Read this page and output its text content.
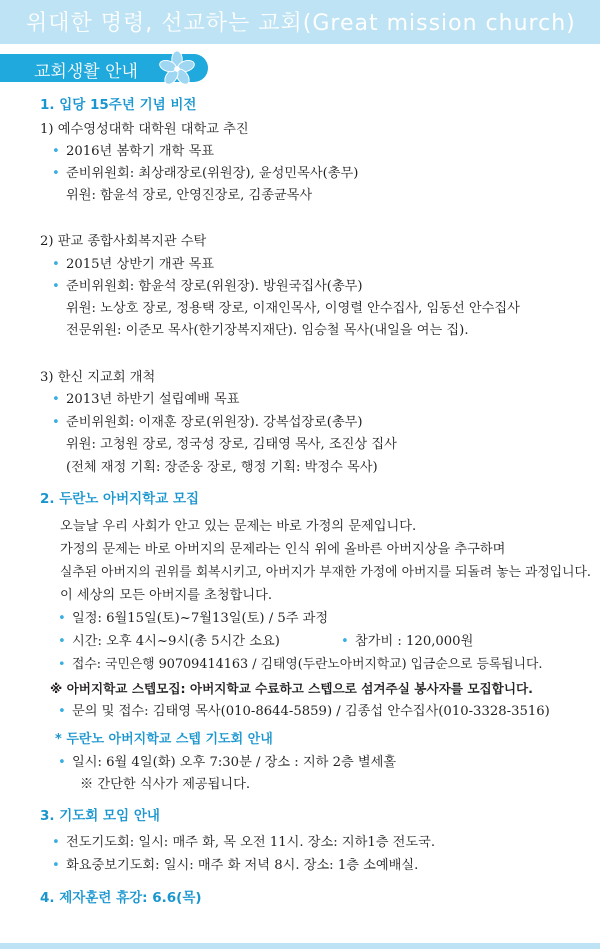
위대한 명령, 선교하는 교회(Great mission church)
교회생활 안내
1. 입당 15주년 기념 비전
1) 예수영성대학 대학원 대학교 추진
• 2016년 봄학기 개학 목표
• 준비위원회: 최상래장로(위원장), 윤성민목사(총무)
위원: 함윤석 장로, 안영진장로, 김종균목사
2) 판교 종합사회복지관 수탁
• 2015년 상반기 개관 목표
• 준비위원회: 함윤석 장로(위원장). 방원국집사(총무)
위원: 노상호 장로, 정용택 장로, 이재인목사, 이영렬 안수집사, 임동선 안수집사
전문위원: 이준모 목사(한기장복지재단). 임승철 목사(내일을 여는 집).
3) 한신 지교회 개척
• 2013년 하반기 설립예배 목표
• 준비위원회: 이재훈 장로(위원장). 강복섭장로(총무)
위원: 고청원 장로, 정국성 장로, 김태영 목사, 조진상 집사
(전체 재정 기획: 장준웅 장로, 행정 기획: 박정수 목사)
2. 두란노 아버지학교 모집
오늘날 우리 사회가 안고 있는 문제는 바로 가정의 문제입니다.
가정의 문제는 바로 아버지의 문제라는 인식 위에 올바른 아버지상을 추구하며
실추된 아버지의 권위를 회복시키고, 아버지가 부재한 가정에 아버지를 되돌려 놓는 과정입니다.
이 세상의 모든 아버지를 초청합니다.
• 일정: 6월15일(토)~7월13일(토) / 5주 과정
• 시간: 오후 4시~9시(총 5시간 소요)
•	참가비 : 120,000원
• 접수: 국민은행 90709414163 / 김태영(두란노아버지학교) 입금순으로 등록됩니다.
※ 아버지학교 스텝모집: 아버지학교 수료하고 스텝으로 섬겨주실 봉사자를 모집합니다.
• 문의 및 접수: 김태영 목사(010-8644-5859) / 김종섭 안수집사(010-3328-3516)
* 두란노 아버지학교 스텝 기도회 안내
• 일시: 6월 4일(화) 오후 7:30분 / 장소 : 지하 2층 별세홀
※ 간단한 식사가 제공됩니다.
3. 기도회 모임 안내
• 전도기도회: 일시: 매주 화, 목 오전 11시. 장소: 지하1층 전도국.
• 화요중보기도회: 일시: 매주 화 저녁 8시. 장소: 1층 소예배실.
4. 제자훈련 휴강: 6.6(목)
